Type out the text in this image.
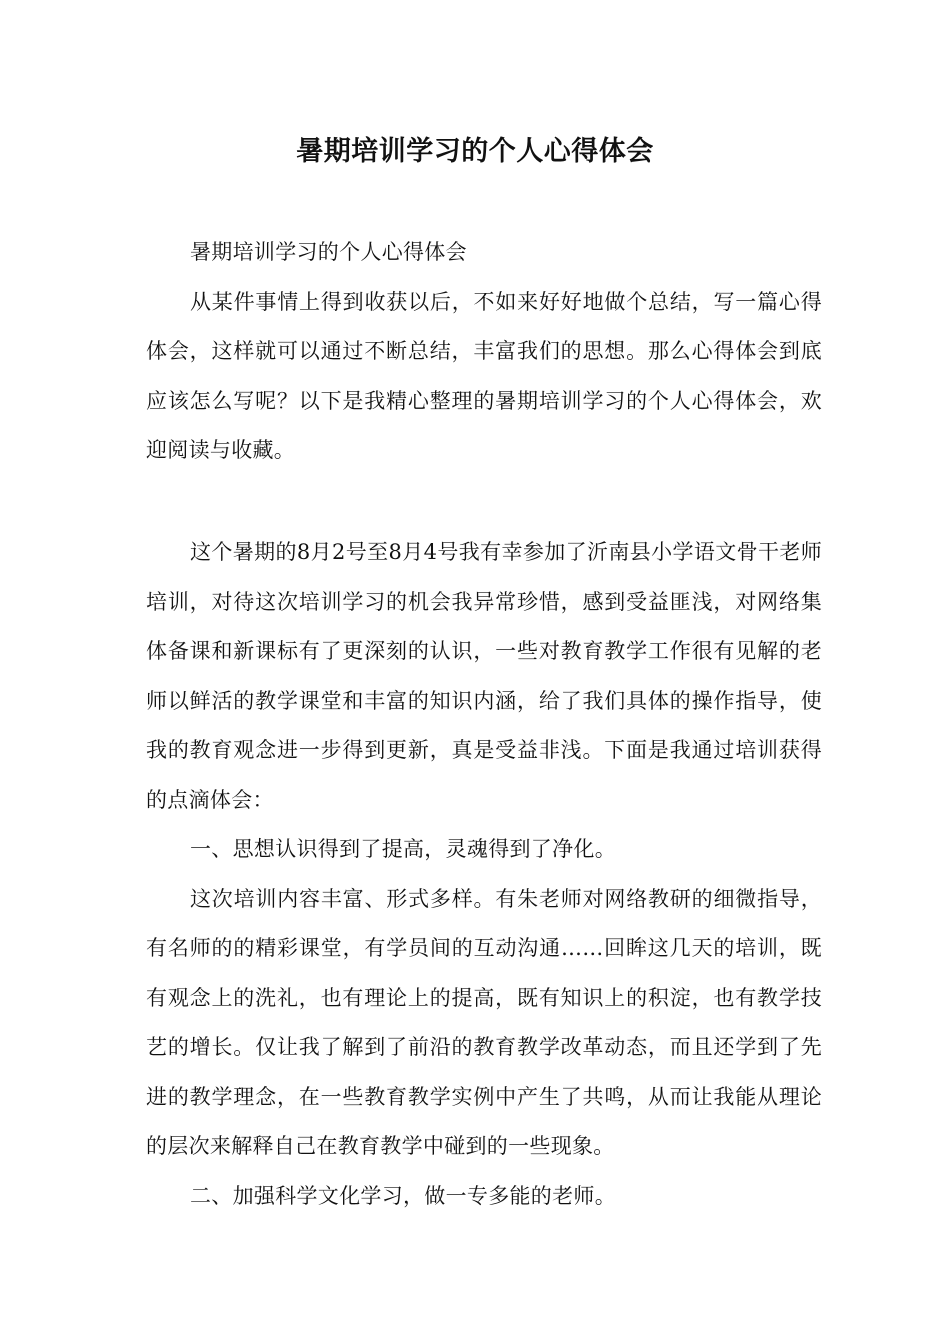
暑期培训学习的个人心得体会

暑期培训学习的个人心得体会

从某件事情上得到收获以后，不如来好好地做个总结，写一篇心得体会，这样就可以通过不断总结，丰富我们的思想。那么心得体会到底应该怎么写呢？以下是我精心整理的暑期培训学习的个人心得体会，欢迎阅读与收藏。

这个暑期的8月2号至8月4号我有幸参加了沂南县小学语文骨干老师培训，对待这次培训学习的机会我异常珍惜，感到受益匪浅，对网络集体备课和新课标有了更深刻的认识，一些对教育教学工作很有见解的老师以鲜活的教学课堂和丰富的知识内涵，给了我们具体的操作指导，使我的教育观念进一步得到更新，真是受益非浅。下面是我通过培训获得的点滴体会：

一、思想认识得到了提高，灵魂得到了净化。

这次培训内容丰富、形式多样。有朱老师对网络教研的细微指导，有名师的的精彩课堂，有学员间的互动沟通……回眸这几天的培训，既有观念上的洗礼，也有理论上的提高，既有知识上的积淀，也有教学技艺的增长。仅让我了解到了前沿的教育教学改革动态，而且还学到了先进的教学理念，在一些教育教学实例中产生了共鸣，从而让我能从理论的层次来解释自己在教育教学中碰到的一些现象。

二、加强科学文化学习，做一专多能的老师。
